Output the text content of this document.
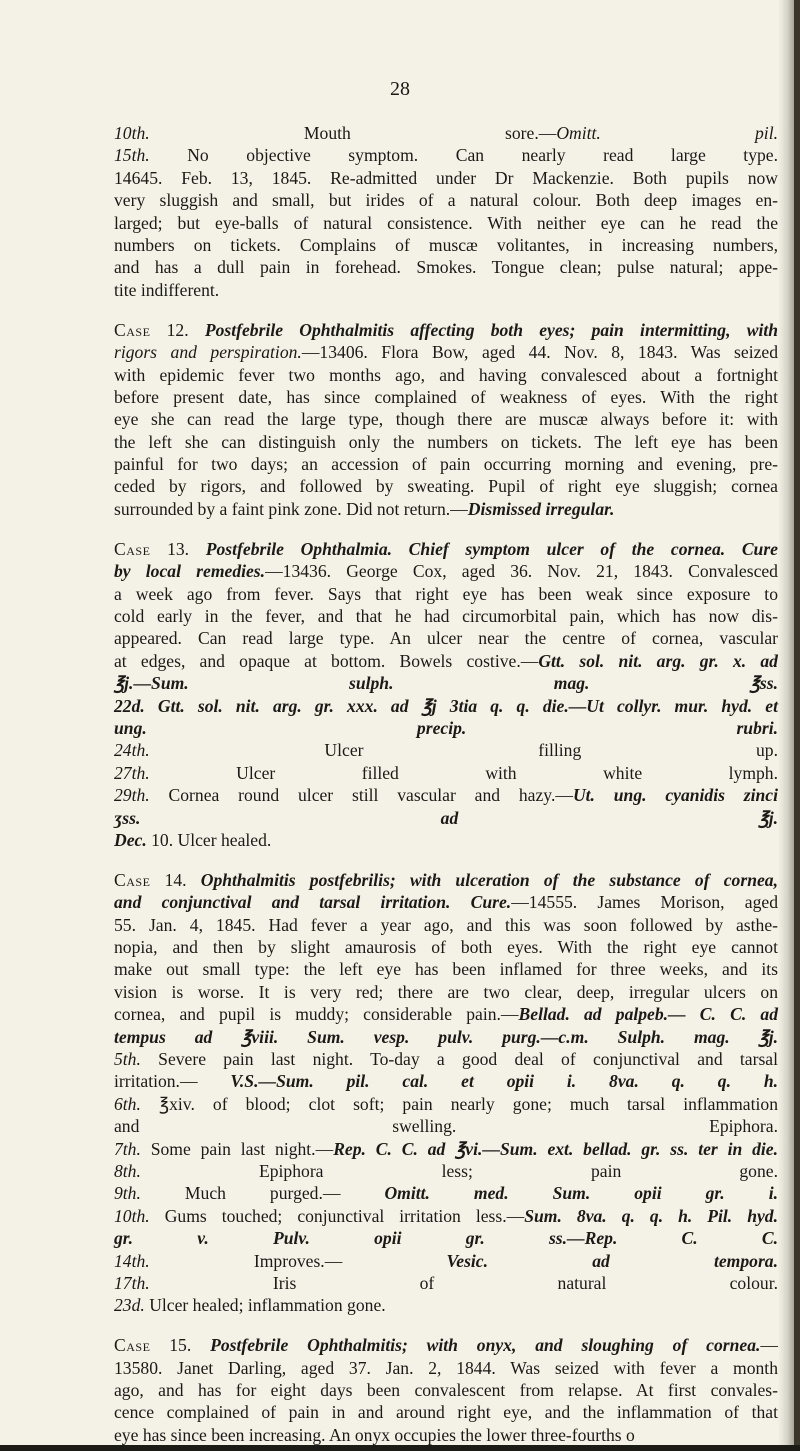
28
10th. Mouth sore.—Omitt. pil.
15th. No objective symptom. Can nearly read large type.
14645. Feb. 13, 1845. Re-admitted under Dr Mackenzie. Both pupils now
very sluggish and small, but irides of a natural colour. Both deep images en-
larged; but eye-balls of natural consistence. With neither eye can he read the
numbers on tickets. Complains of muscæ volitantes, in increasing numbers,
and has a dull pain in forehead. Smokes. Tongue clean; pulse natural; appe-
tite indifferent.
Case 12. Postfebrile Ophthalmitis affecting both eyes; pain intermitting, with
rigors and perspiration.—13406. Flora Bow, aged 44. Nov. 8, 1843. Was seized
with epidemic fever two months ago, and having convalesced about a fortnight
before present date, has since complained of weakness of eyes. With the right
eye she can read the large type, though there are muscæ always before it: with
the left she can distinguish only the numbers on tickets. The left eye has been
painful for two days; an accession of pain occurring morning and evening, pre-
ceded by rigors, and followed by sweating. Pupil of right eye sluggish; cornea
surrounded by a faint pink zone. Did not return.—Dismissed irregular.
Case 13. Postfebrile Ophthalmia. Chief symptom ulcer of the cornea. Cure
by local remedies.—13436. George Cox, aged 36. Nov. 21, 1843. Convalesced
a week ago from fever. Says that right eye has been weak since exposure to
cold early in the fever, and that he had circumorbital pain, which has now dis-
appeared. Can read large type. An ulcer near the centre of cornea, vascular
at edges, and opaque at bottom. Bowels costive.—Gtt. sol. nit. arg. gr. x. ad
℥j.—Sum. sulph. mag. ℥ss.
22d. Gtt. sol. nit. arg. gr. xxx. ad ℥j 3tia q. q. die.—Ut collyr. mur. hyd. et
ung. precip. rubri.
24th. Ulcer filling up.
27th. Ulcer filled with white lymph.
29th. Cornea round ulcer still vascular and hazy.—Ut. ung. cyanidis zinci
ʒss. ad ℥j.
Dec. 10. Ulcer healed.
Case 14. Ophthalmitis postfebrilis; with ulceration of the substance of cornea,
and conjunctival and tarsal irritation. Cure.—14555. James Morison, aged
55. Jan. 4, 1845. Had fever a year ago, and this was soon followed by asthe-
nopia, and then by slight amaurosis of both eyes. With the right eye cannot
make out small type: the left eye has been inflamed for three weeks, and its
vision is worse. It is very red; there are two clear, deep, irregular ulcers on
cornea, and pupil is muddy; considerable pain.—Bellad. ad palpeb.— C. C. ad
tempus ad ℥viii. Sum. vesp. pulv. purg.—c.m. Sulph. mag. ℥j.
5th. Severe pain last night. To-day a good deal of conjunctival and tarsal
irritation.— V.S.—Sum. pil. cal. et opii i. 8va. q. q. h.
6th. ℥xiv. of blood; clot soft; pain nearly gone; much tarsal inflammation
and swelling. Epiphora.
7th. Some pain last night.—Rep. C. C. ad ℥vi.—Sum. ext. bellad. gr. ss. ter in die.
8th. Epiphora less; pain gone.
9th. Much purged.— Omitt. med. Sum. opii gr. i.
10th. Gums touched; conjunctival irritation less.—Sum. 8va. q. q. h. Pil. hyd.
gr. v. Pulv. opii gr. ss.—Rep. C. C.
14th. Improves.— Vesic. ad tempora.
17th. Iris of natural colour.
23d. Ulcer healed; inflammation gone.
Case 15. Postfebrile Ophthalmitis; with onyx, and sloughing of cornea.—
13580. Janet Darling, aged 37. Jan. 2, 1844. Was seized with fever a month
ago, and has for eight days been convalescent from relapse. At first convales-
cence complained of pain in and around right eye, and the inflammation of that
eye has since been increasing. An onyx occupies the lower three-fourths o
